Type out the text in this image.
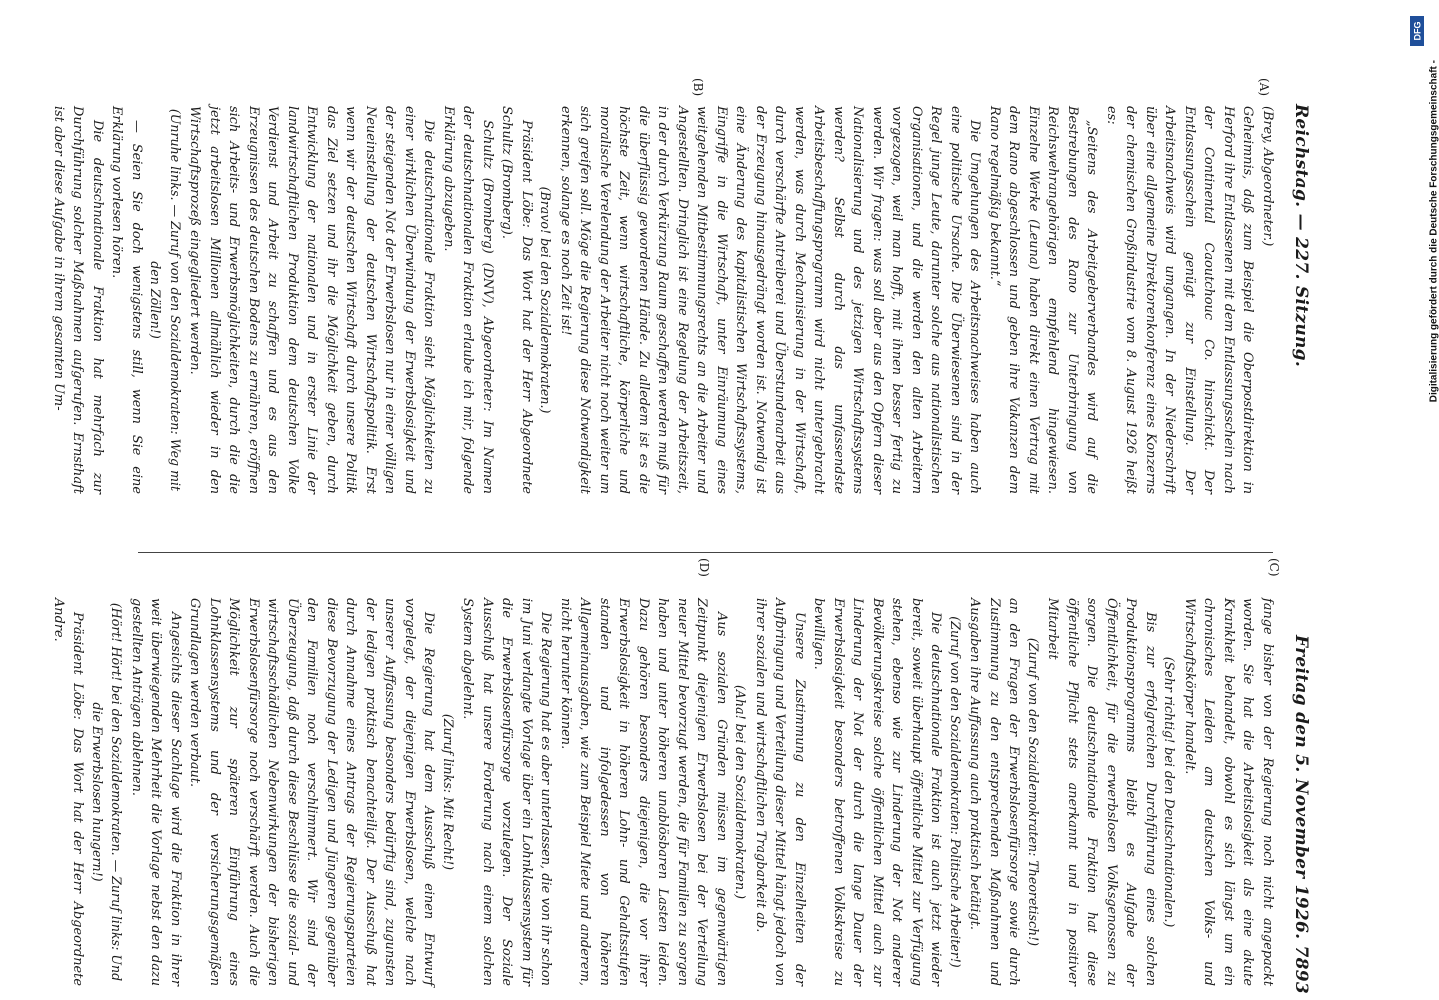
Reichstag. — 227. Sitzung.
Freitag den 5. November 1926.
7893
(A)
(B)
(C)
(D)

(Brey, Abgeordneter.)

Geheimnis, daß zum Beispiel die Oberpostdirektion in Herford ihre Entlassenen mit dem Entlassungsschein nach der Continental Caoutchouc Co. hinschickt. Der Entlassungsschein genügt zur Einstellung. Der Arbeitsnachweis wird umgangen. In der Niederschrift über eine allgemeine Direktorenkonferenz eines Konzerns der chemischen Großindustrie vom 8. August 1926 heißt es:

„Seitens des Arbeitgeberverbandes wird auf die Bestrebungen des Rano zur Unterbringung von Reichswehrangehörigen empfehlend hingewiesen. Einzelne Werke (Leuna) haben direkt einen Vertrag mit dem Rano abgeschlossen und geben ihre Vakanzen dem Rano regelmäßig bekannt.“

Die Umgehungen des Arbeitsnachweises haben auch eine politische Ursache. Die Überwiesenen sind in der Regel junge Leute, darunter solche aus nationalistischen Organisationen, und die werden den alten Arbeitern vorgezogen, weil man hofft, mit ihnen besser fertig zu werden. Wir fragen: was soll aber aus den Opfern dieser Nationalisierung und des jetzigen Wirtschaftssystems werden? Selbst durch das umfassendste Arbeitsbeschaffungsprogramm wird nicht untergebracht werden, was durch Mechanisierung in der Wirtschaft, durch verschärfte Antreiberei und Überstundenarbeit aus der Erzeugung hinausgedrängt worden ist. Notwendig ist eine Änderung des kapitalistischen Wirtschaftssystems, Eingriffe in die Wirtschaft, unter Einräumung eines weitgehenden Mitbestimmungsrechts an die Arbeiter und Angestellten. Dringlich ist eine Regelung der Arbeitszeit, in der durch Verkürzung Raum geschaffen werden muß für die überflüssig gewordenen Hände. Zu alledem ist es die höchste Zeit, wenn wirtschaftliche, körperliche und moralische Verelendung der Arbeiter nicht noch weiter um sich greifen soll. Möge die Regierung diese Notwendigkeit erkennen, solange es noch Zeit ist!

(Bravo! bei den Sozialdemokraten.)

Präsident Löbe: Das Wort hat der Herr Abgeordnete Schultz (Bromberg).

Schultz (Bromberg) (DNV), Abgeordneter: Im Namen der deutschnationalen Fraktion erlaube ich mir, folgende Erklärung abzugeben.

Die deutschnationale Fraktion sieht Möglichkeiten zu einer wirklichen Überwindung der Erwerbslosigkeit und der steigenden Not der Erwerbslosen nur in einer völligen Neueinstellung der deutschen Wirtschaftspolitik. Erst wenn wir der deutschen Wirtschaft durch unsere Politik das Ziel setzen und ihr die Möglichkeit geben, durch Entwicklung der nationalen und in erster Linie der landwirtschaftlichen Produktion dem deutschen Volke Verdienst und Arbeit zu schaffen und es aus den Erzeugnissen des deutschen Bodens zu ernähren, eröffnen sich Arbeits- und Erwerbsmöglichkeiten, durch die die jetzt arbeitslosen Millionen allmählich wieder in den Wirtschaftsprozeß eingegliedert werden.

(Unruhe links. — Zuruf von den Sozialdemokraten: Weg mit den Zöllen!)

— Seien Sie doch wenigstens still, wenn Sie eine Erklärung vorlesen hören.

Die deutschnationale Fraktion hat mehrfach zur Durchführung solcher Maßnahmen aufgerufen. Ernsthaft ist aber diese Aufgabe in ihrem gesamten Um-

fange bisher von der Regierung noch nicht angepackt worden. Sie hat die Arbeitslosigkeit als eine akute Krankheit behandelt, obwohl es sich längst um ein chronisches Leiden am deutschen Volks- und Wirtschaftskörper handelt.

(Sehr richtig! bei den Deutschnationalen.)

Bis zur erfolgreichen Durchführung eines solchen Produktionsprogramms bleibt es Aufgabe der Öffentlichkeit, für die erwerbslosen Volksgenossen zu sorgen. Die deutschnationale Fraktion hat diese öffentliche Pflicht stets anerkannt und in positiver Mitarbeit

(Zuruf von den Sozialdemokraten: Theoretisch!)

an den Fragen der Erwerbslosenfürsorge sowie durch Zustimmung zu den entsprechenden Maßnahmen und Ausgaben ihre Auffassung auch praktisch betätigt.

(Zuruf von den Sozialdemokraten: Politische Arbeiter!)

Die deutschnationale Fraktion ist auch jetzt wieder bereit, soweit überhaupt öffentliche Mittel zur Verfügung stehen, ebenso wie zur Linderung der Not anderer Bevölkerungskreise solche öffentlichen Mittel auch zur Linderung der Not der durch die lange Dauer der Erwerbslosigkeit besonders betroffenen Volkskreise zu bewilligen.

Unsere Zustimmung zu den Einzelheiten der Aufbringung und Verteilung dieser Mittel hängt jedoch von ihrer sozialen und wirtschaftlichen Tragbarkeit ab.

(Aha! bei den Sozialdemokraten.)

Aus sozialen Gründen müssen im gegenwärtigen Zeitpunkt diejenigen Erwerbslosen bei der Verteilung neuer Mittel bevorzugt werden, die für Familien zu sorgen haben und unter höheren unablösbaren Lasten leiden. Dazu gehören besonders diejenigen, die vor ihrer Erwerbslosigkeit in höheren Lohn- und Gehaltsstufen standen und infolgedessen von höheren Allgemeinausgaben, wie zum Beispiel Miete und anderem, nicht herunter können.

Die Regierung hat es aber unterlassen, die von ihr schon im Juni verlangte Vorlage über ein Lohnklassensystem für die Erwerbslosenfürsorge vorzulegen. Der Soziale Ausschuß hat unsere Forderung nach einem solchen System abgelehnt.

(Zuruf links: Mit Recht!)

Die Regierung hat dem Ausschuß einen Entwurf vorgelegt, der diejenigen Erwerbslosen, welche nach unserer Auffassung besonders bedürftig sind, zugunsten der ledigen praktisch benachteiligt. Der Ausschuß hat durch Annahme eines Antrags der Regierungsparteien diese Bevorzugung der Ledigen und Jüngeren gegenüber den Familien noch verschlimmert. Wir sind der Überzeugung, daß durch diese Beschlüsse die sozial- und wirtschaftsschädlichen Nebenwirkungen der bisherigen Erwerbslosenfürsorge noch verschärft werden. Auch die Möglichkeit zur späteren Einführung eines Lohnklassensystems und der versicherungsgemäßen Grundlagen werden verbaut.

Angesichts dieser Sachlage wird die Fraktion in ihrer weit überwiegenden Mehrheit die Vorlage nebst den dazu gestellten Anträgen ablehnen.

(Hört! Hört! bei den Sozialdemokraten. — Zuruf links: Und die Erwerbslosen hungern!)

Präsident Löbe: Das Wort hat der Herr Abgeordnete Andre.

DFG
Digitalisierung gefördert durch die Deutsche Forschungsgemeinschaft -
